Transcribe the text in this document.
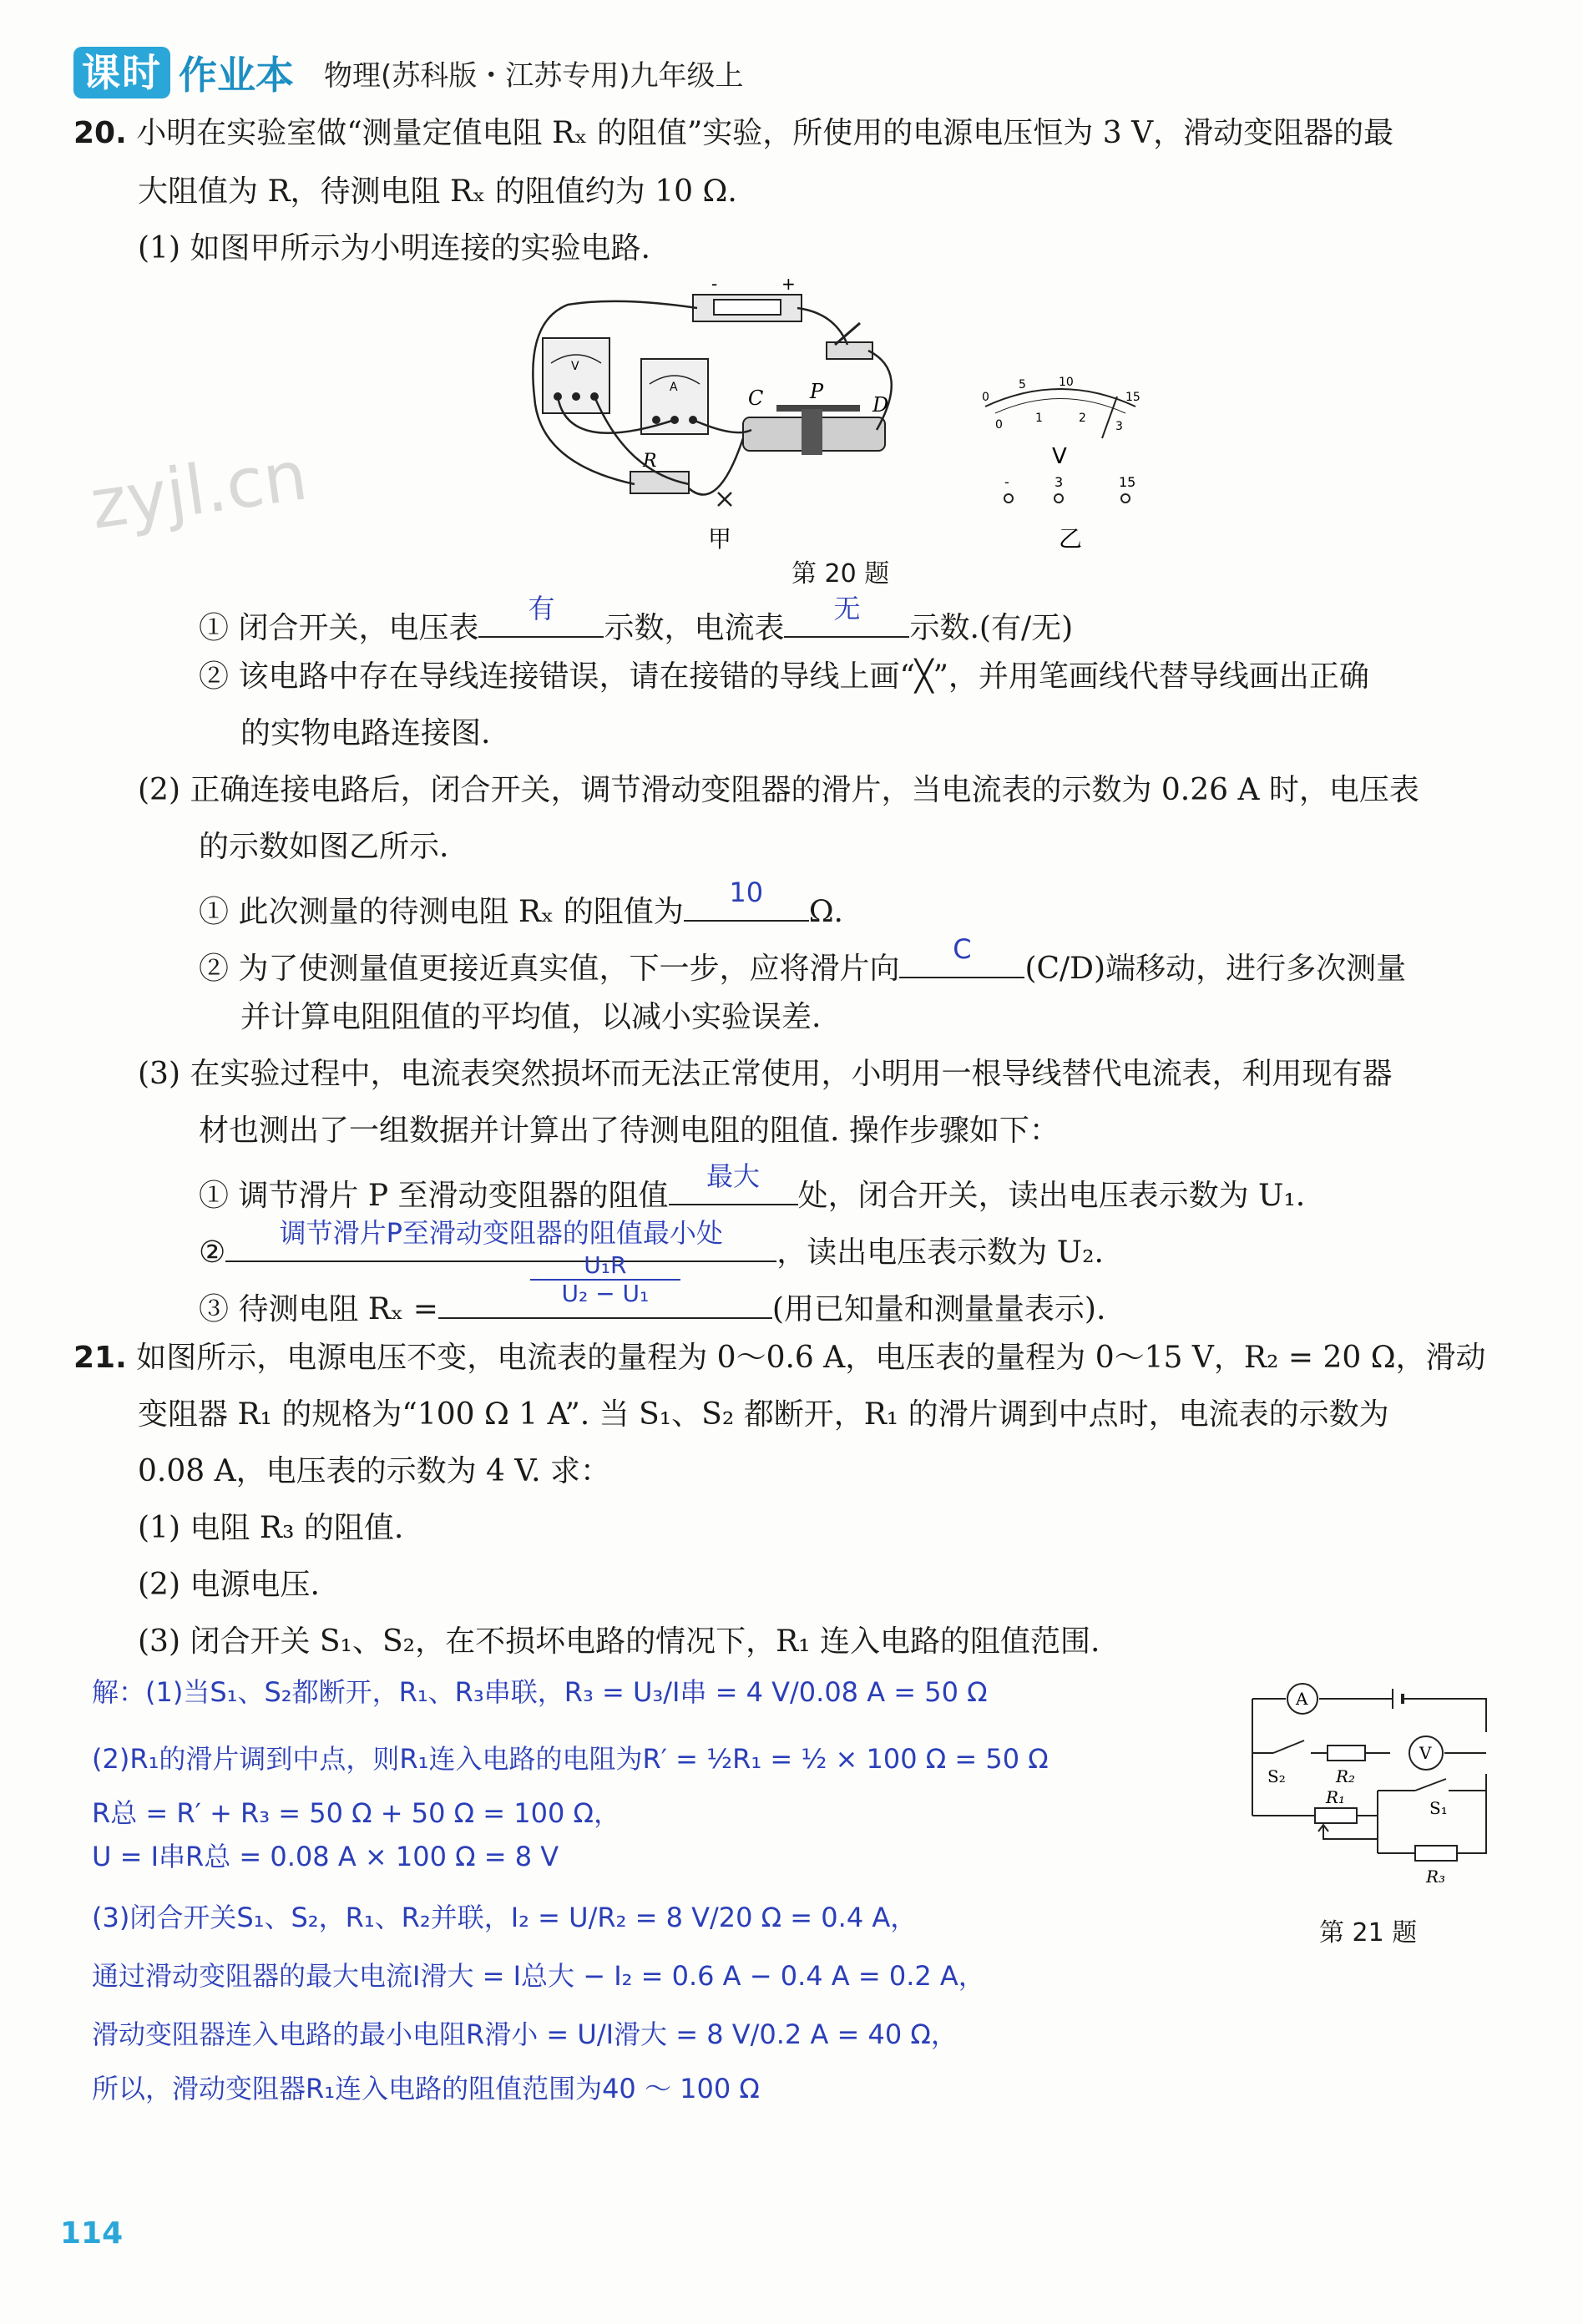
课时 作业本 物理(苏科版・江苏专用)九年级上
zyjl.cn
20. 小明在实验室做“测量定值电阻 Rₓ 的阻值”实验，所使用的电源电压恒为 3 V，滑动变阻器的最
大阻值为 R，待测电阻 Rₓ 的阻值约为 10 Ω.
(1) 如图甲所示为小明连接的实验电路.
-	+
V
A	C P
D
R
甲
0
5	10
15
0	1	2
3
V
-	3	15
乙
第 20 题
① 闭合开关，电压表
有
示数，电流表
无
示数.(有/无)
② 该电路中存在导线连接错误，请在接错的导线上画“╳”，并用笔画线代替导线画出正确
的实物电路连接图.
(2) 正确连接电路后，闭合开关，调节滑动变阻器的滑片，当电流表的示数为 0.26 A 时，电压表
的示数如图乙所示.
① 此次测量的待测电阻 Rₓ 的阻值为
10
Ω.
② 为了使测量值更接近真实值，下一步，应将滑片向
C
(C/D)端移动，进行多次测量
并计算电阻阻值的平均值，以减小实验误差.
(3) 在实验过程中，电流表突然损坏而无法正常使用，小明用一根导线替代电流表，利用现有器
材也测出了一组数据并计算出了待测电阻的阻值. 操作步骤如下：
① 调节滑片 P 至滑动变阻器的阻值
最大
处，闭合开关，读出电压表示数为 U₁.
②
调节滑片P至滑动变阻器的阻值最小处
，读出电压表示数为 U₂.
③ 待测电阻 Rₓ =
$\frac{\text{U₁R}}{\text{U₂ − U₁}}$
(用已知量和测量量表示).
21. 如图所示，电源电压不变，电流表的量程为 0～0.6 A，电压表的量程为 0～15 V，R₂ = 20 Ω，滑动
变阻器 R₁ 的规格为“100 Ω 1 A”. 当 S₁、S₂ 都断开，R₁ 的滑片调到中点时，电流表的示数为
0.08 A，电压表的示数为 4 V. 求：
(1) 电阻 R₃ 的阻值.
(2) 电源电压.
(3) 闭合开关 S₁、S₂，在不损坏电路的情况下，R₁ 连入电路的阻值范围.
解：(1)当S₁、S₂都断开，R₁、R₃串联，R₃ = U₃/I串 = 4 V/0.08 A = 50 Ω
(2)R₁的滑片调到中点，则R₁连入电路的电阻为R′ = ½R₁ = ½ × 100 Ω = 50 Ω
R总 = R′ + R₃ = 50 Ω + 50 Ω = 100 Ω，
U = I串R总 = 0.08 A × 100 Ω = 8 V
(3)闭合开关S₁、S₂，R₁、R₂并联，I₂ = U/R₂ = 8 V/20 Ω = 0.4 A，
通过滑动变阻器的最大电流I滑大 = I总大 − I₂ = 0.6 A − 0.4 A = 0.2 A，
滑动变阻器连入电路的最小电阻R滑小 = U/I滑大 = 8 V/0.2 A = 40 Ω，
所以，滑动变阻器R₁连入电路的阻值范围为40 ～ 100 Ω
A
V
S₂	R₂
S₁
R₁
R₃
第 21 题
114
